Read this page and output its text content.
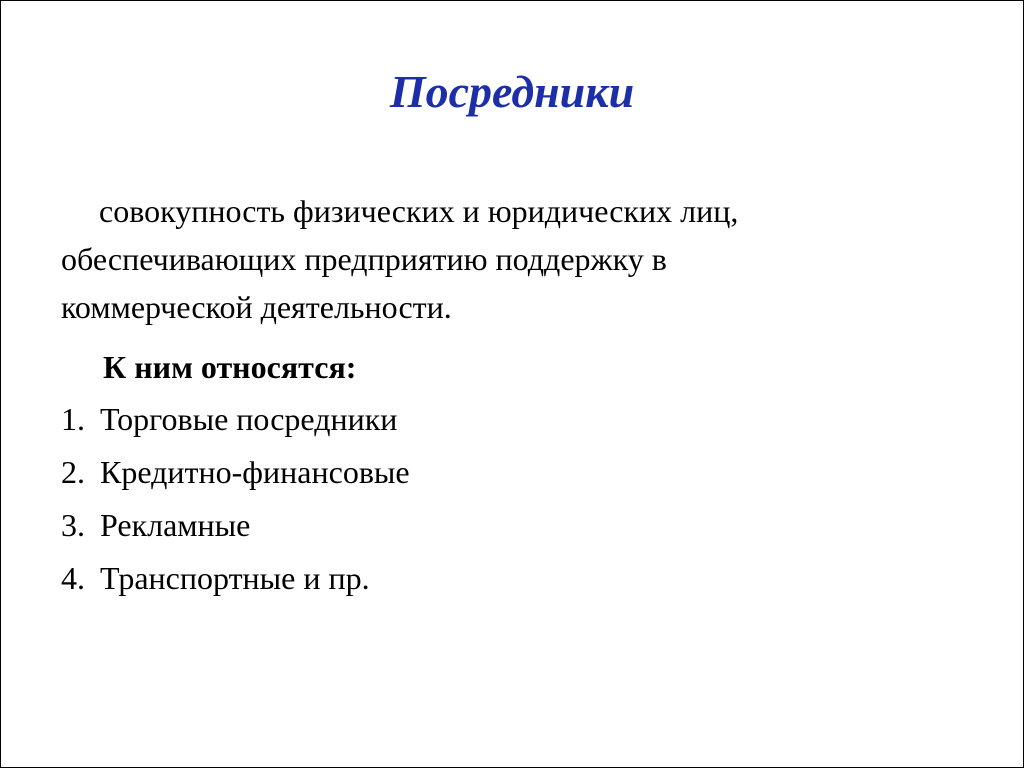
Посредники

совокупность физических и юридических лиц, обеспечивающих предприятию поддержку в коммерческой деятельности.

К ним относятся:

1. Торговые посредники
2. Кредитно-финансовые
3. Рекламные
4. Транспортные и пр.
